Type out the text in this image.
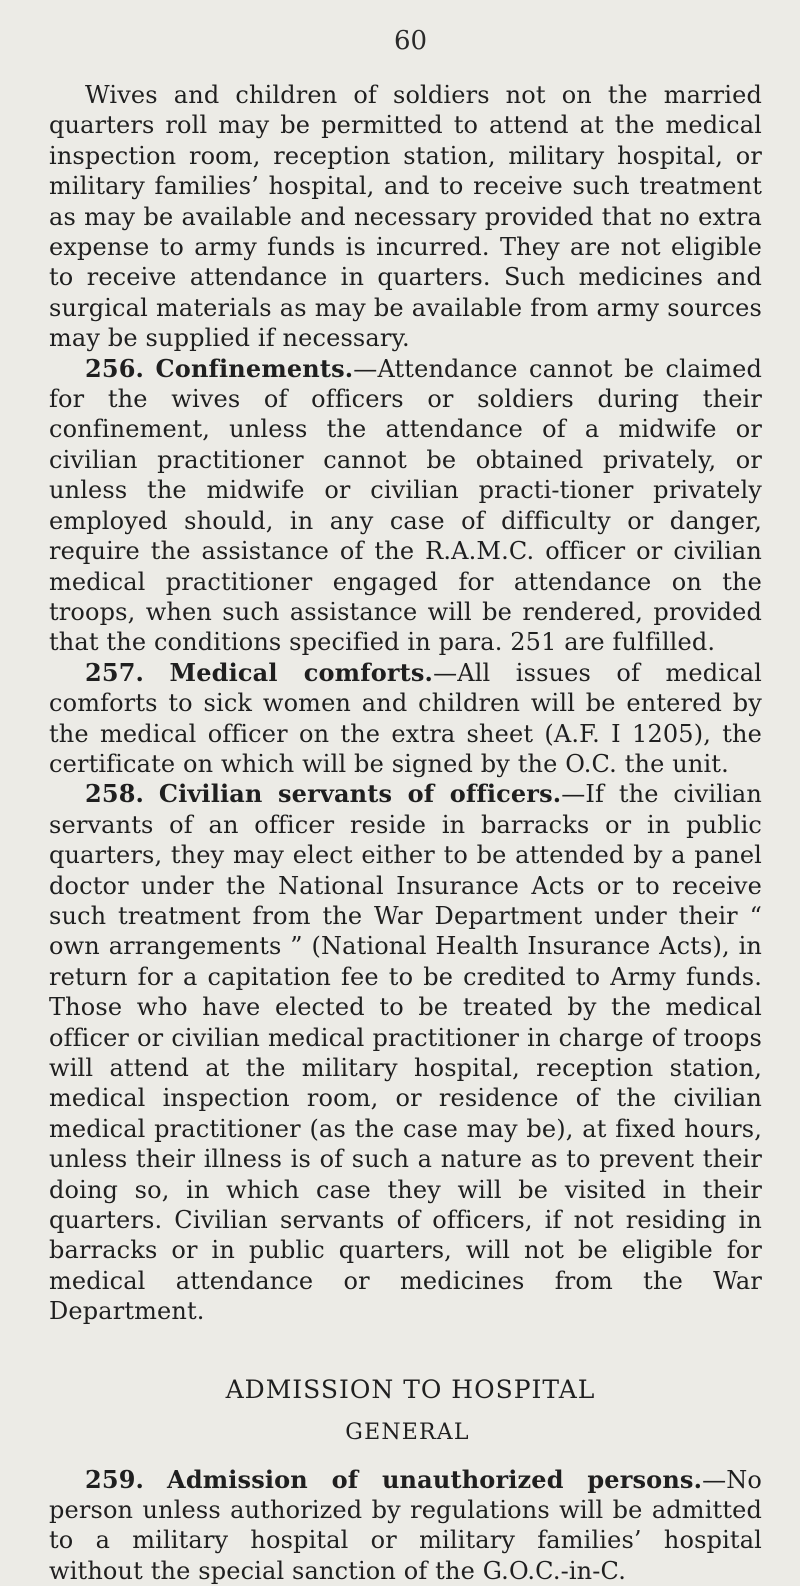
60

Wives and children of soldiers not on the married quarters roll may be permitted to attend at the medical inspection room, reception station, military hospital, or military families’ hospital, and to receive such treatment as may be available and necessary provided that no extra expense to army funds is incurred. They are not eligible to receive attendance in quarters. Such medicines and surgical materials as may be available from army sources may be supplied if necessary.

256. Confinements.—Attendance cannot be claimed for the wives of officers or soldiers during their confinement, unless the attendance of a midwife or civilian practitioner cannot be obtained privately, or unless the midwife or civilian practi-tioner privately employed should, in any case of difficulty or danger, require the assistance of the R.A.M.C. officer or civilian medical practitioner engaged for attendance on the troops, when such assistance will be rendered, provided that the conditions specified in para. 251 are fulfilled.

257. Medical comforts.—All issues of medical comforts to sick women and children will be entered by the medical officer on the extra sheet (A.F. I 1205), the certificate on which will be signed by the O.C. the unit.

258. Civilian servants of officers.—If the civilian servants of an officer reside in barracks or in public quarters, they may elect either to be attended by a panel doctor under the National Insurance Acts or to receive such treatment from the War Department under their “ own arrangements ” (National Health Insurance Acts), in return for a capitation fee to be credited to Army funds. Those who have elected to be treated by the medical officer or civilian medical practitioner in charge of troops will attend at the military hospital, reception station, medical inspection room, or residence of the civilian medical practitioner (as the case may be), at fixed hours, unless their illness is of such a nature as to prevent their doing so, in which case they will be visited in their quarters. Civilian servants of officers, if not residing in barracks or in public quarters, will not be eligible for medical attendance or medicines from the War Department.

ADMISSION TO HOSPITAL
GENERAL

259. Admission of unauthorized persons.—No person unless authorized by regulations will be admitted to a military hospital or military families’ hospital without the special sanction of the G.O.C.-in-C.
